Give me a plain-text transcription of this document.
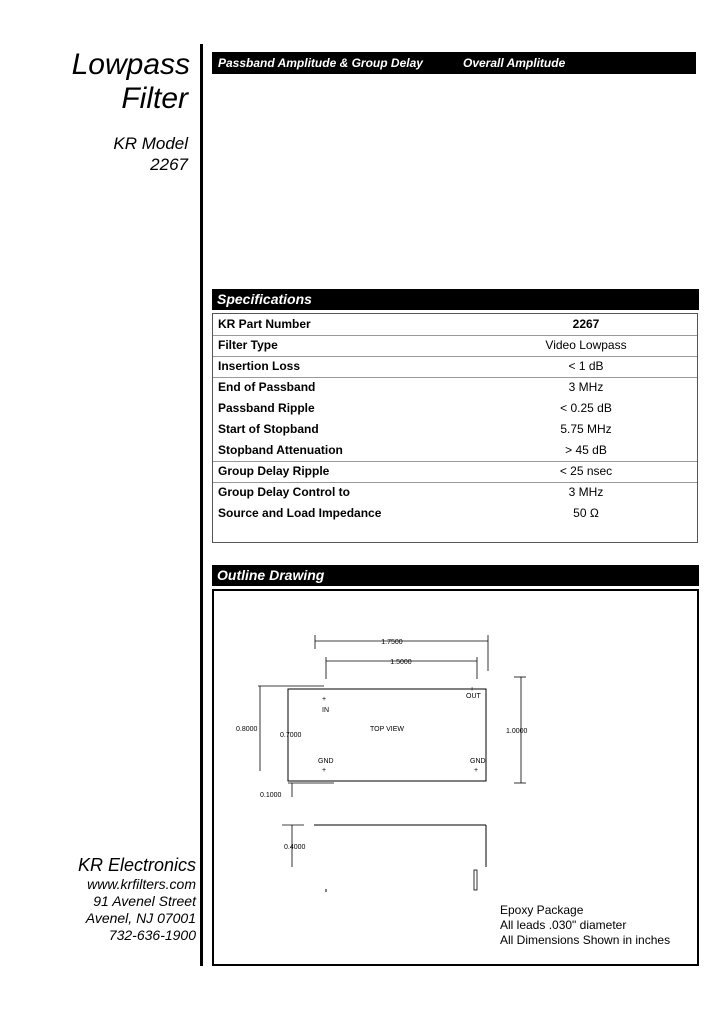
Lowpass
Filter
KR Model
2267
Passband Amplitude & Group Delay	Overall Amplitude
Specifications
KR Part Number	2267
Filter Type	Video Lowpass
Insertion Loss	< 1 dB
End of Passband	3 MHz
Passband Ripple	< 0.25 dB
Start of Stopband	5.75 MHz
Stopband Attenuation	> 45 dB
Group Delay Ripple	< 25 nsec
Group Delay Control to	3 MHz
Source and Load Impedance	50 Ω
Outline Drawing
1.7500
1.5000
0.8000
0.7000
1.0000
0.1000
+
IN
+
OUT
GND
+
GND
+
TOP VIEW
0.4000
Epoxy Package
All leads .030" diameter
All Dimensions Shown in inches
KR Electronics
www.krfilters.com
91 Avenel Street
Avenel, NJ 07001
732-636-1900
